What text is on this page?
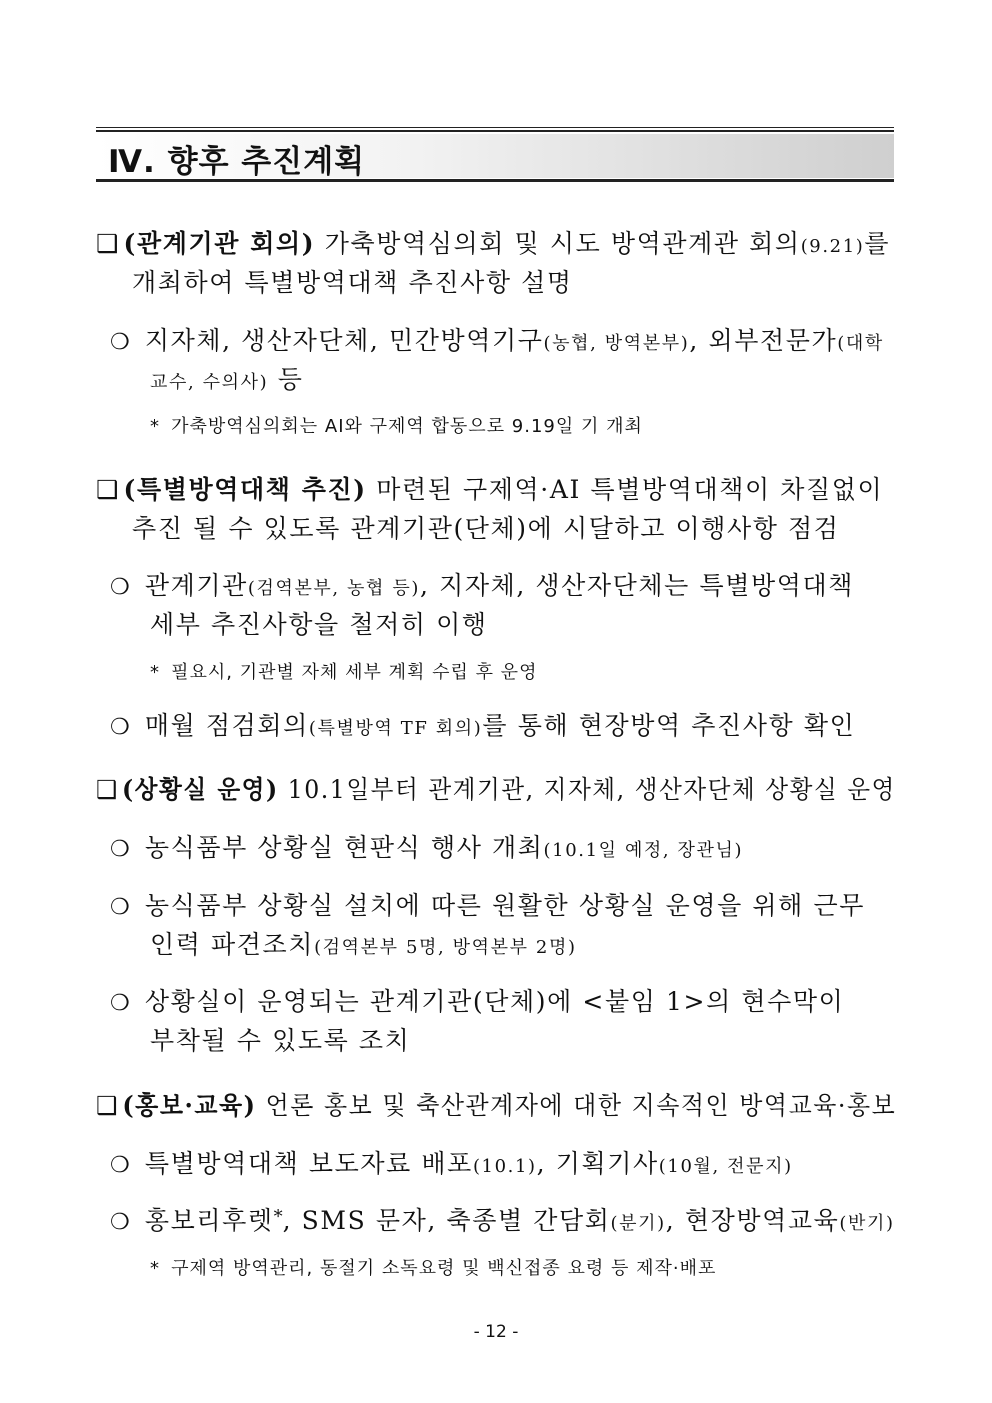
Ⅳ. 향후 추진계획
❑ (관계기관 회의) 가축방역심의회 및 시도 방역관계관 회의(9.21)를
개최하여 특별방역대책 추진사항 설명
❍ 지자체, 생산자단체, 민간방역기구(농협, 방역본부), 외부전문가(대학
교수, 수의사) 등
* 가축방역심의회는 AI와 구제역 합동으로 9.19일 기 개최
❑ (특별방역대책 추진) 마련된 구제역·AI 특별방역대책이 차질없이
추진 될 수 있도록 관계기관(단체)에 시달하고 이행사항 점검
❍ 관계기관(검역본부, 농협 등), 지자체, 생산자단체는 특별방역대책
세부 추진사항을 철저히 이행
* 필요시, 기관별 자체 세부 계획 수립 후 운영
❍ 매월 점검회의(특별방역 TF 회의)를 통해 현장방역 추진사항 확인
❑ (상황실 운영) 10.1일부터 관계기관, 지자체, 생산자단체 상황실 운영
❍ 농식품부 상황실 현판식 행사 개최(10.1일 예정, 장관님)
❍ 농식품부 상황실 설치에 따른 원활한 상황실 운영을 위해 근무
인력 파견조치(검역본부 5명, 방역본부 2명)
❍ 상황실이 운영되는 관계기관(단체)에 <붙임 1>의 현수막이
부착될 수 있도록 조치
❑ (홍보·교육) 언론 홍보 및 축산관계자에 대한 지속적인 방역교육·홍보
❍ 특별방역대책 보도자료 배포(10.1), 기획기사(10월, 전문지)
❍ 홍보리후렛*, SMS 문자, 축종별 간담회(분기), 현장방역교육(반기)
* 구제역 방역관리, 동절기 소독요령 및 백신접종 요령 등 제작·배포
- 12 -
